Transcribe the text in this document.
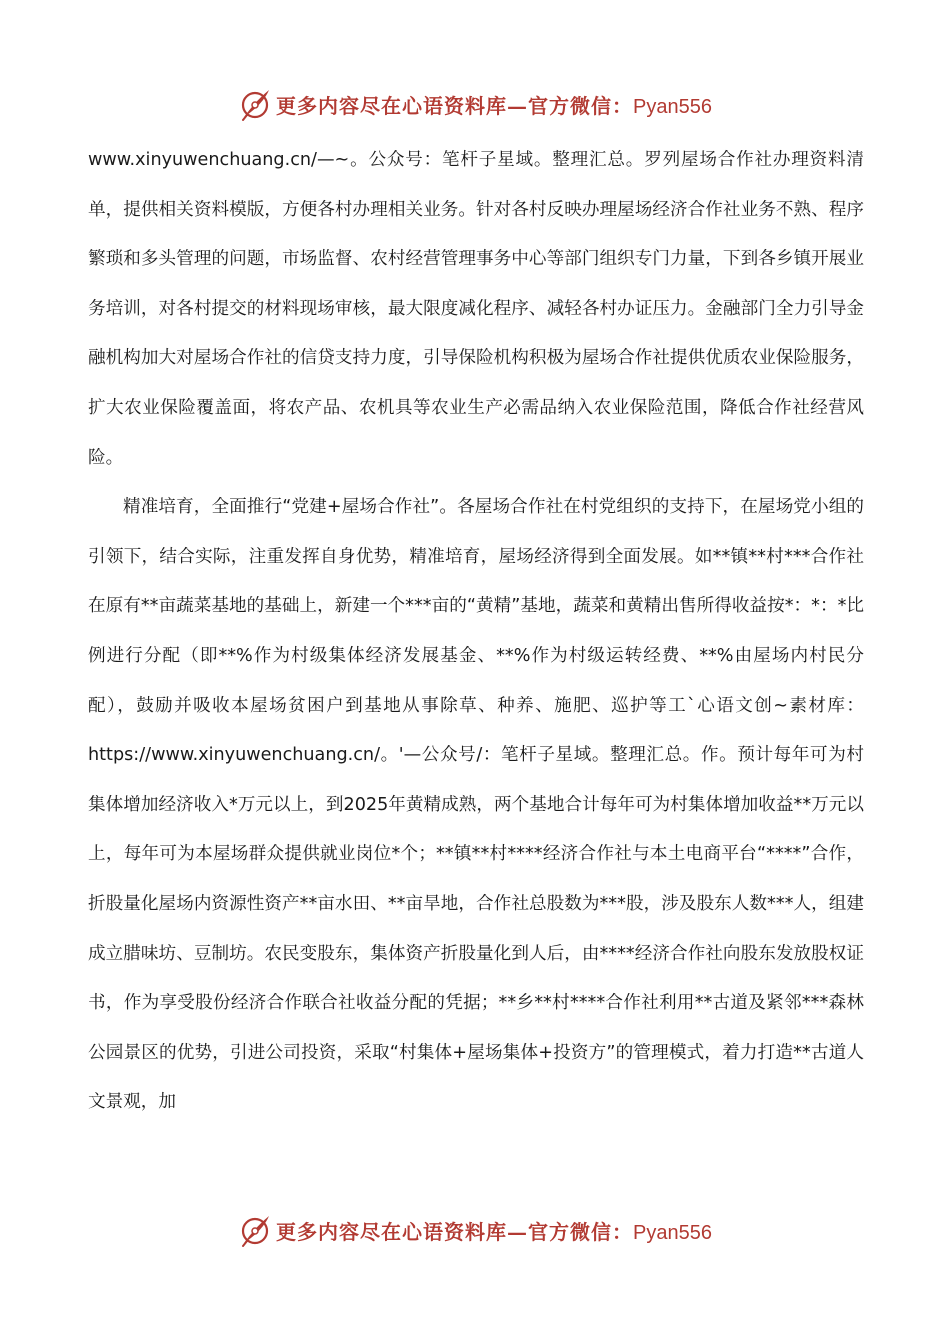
更多内容尽在心语资料库—官方微信：Pyan556

www.xinyuwenchuang.cn/—~。公众号：笔杆子星域。整理汇总。罗列屋场合作社办理资料清单，提供相关资料模版，方便各村办理相关业务。针对各村反映办理屋场经济合作社业务不熟、程序繁琐和多头管理的问题，市场监督、农村经营管理事务中心等部门组织专门力量，下到各乡镇开展业务培训，对各村提交的材料现场审核，最大限度减化程序、减轻各村办证压力。金融部门全力引导金融机构加大对屋场合作社的信贷支持力度，引导保险机构积极为屋场合作社提供优质农业保险服务，扩大农业保险覆盖面，将农产品、农机具等农业生产必需品纳入农业保险范围，降低合作社经营风险。

精准培育，全面推行“党建+屋场合作社”。各屋场合作社在村党组织的支持下，在屋场党小组的引领下，结合实际，注重发挥自身优势，精准培育，屋场经济得到全面发展。如**镇**村***合作社在原有**亩蔬菜基地的基础上，新建一个***亩的“黄精”基地，蔬菜和黄精出售所得收益按*：*：*比例进行分配（即**%作为村级集体经济发展基金、**%作为村级运转经费、**%由屋场内村民分配），鼓励并吸收本屋场贫困户到基地从事除草、种养、施肥、巡护等工`心语文创~素材库：https://www.xinyuwenchuang.cn/。'—公众号/：笔杆子星域。整理汇总。作。预计每年可为村集体增加经济收入*万元以上，到2025年黄精成熟，两个基地合计每年可为村集体增加收益**万元以上，每年可为本屋场群众提供就业岗位*个；**镇**村****经济合作社与本土电商平台“****”合作，折股量化屋场内资源性资产**亩水田、**亩旱地，合作社总股数为***股，涉及股东人数***人，组建成立腊味坊、豆制坊。农民变股东，集体资产折股量化到人后，由****经济合作社向股东发放股权证书，作为享受股份经济合作联合社收益分配的凭据；**乡**村****合作社利用**古道及紧邻***森林公园景区的优势，引进公司投资，采取“村集体+屋场集体+投资方”的管理模式，着力打造**古道人文景观，加

更多内容尽在心语资料库—官方微信：Pyan556
